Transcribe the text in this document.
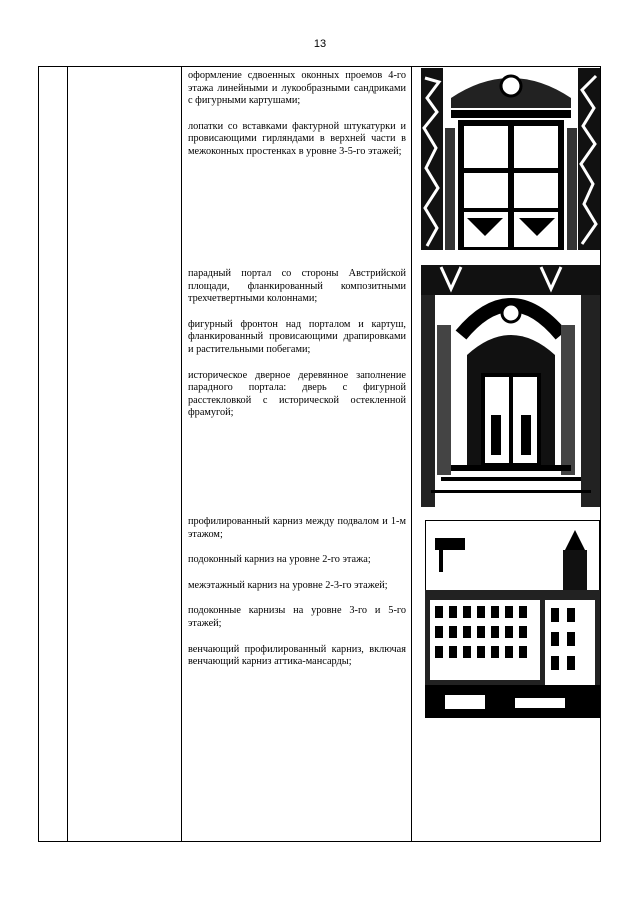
13

оформление сдвоенных оконных проемов 4-го этажа линейными и лукообразными сандриками с фигурными картушами;

лопатки со вставками фактурной штукатурки и провисающими гирляндами в верхней части в межоконных простенках в уровне 3-5-го этажей;

парадный портал со стороны Австрийской площади, фланкированный композитными трехчетвертными колоннами;

фигурный фронтон над порталом и картуш, фланкированный провисающими драпировками и растительными побегами;

историческое дверное деревянное заполнение парадного портала: дверь с фигурной расстекловкой с исторической остекленной фрамугой;

профилированный карниз между подвалом и 1-м этажом;

подоконный карниз на уровне 2-го этажа;

межэтажный карниз на уровне 2-3-го этажей;

подоконные карнизы на уровне 3-го и 5-го этажей;

венчающий профилированный карниз, включая венчающий карниз аттика-мансарды;
